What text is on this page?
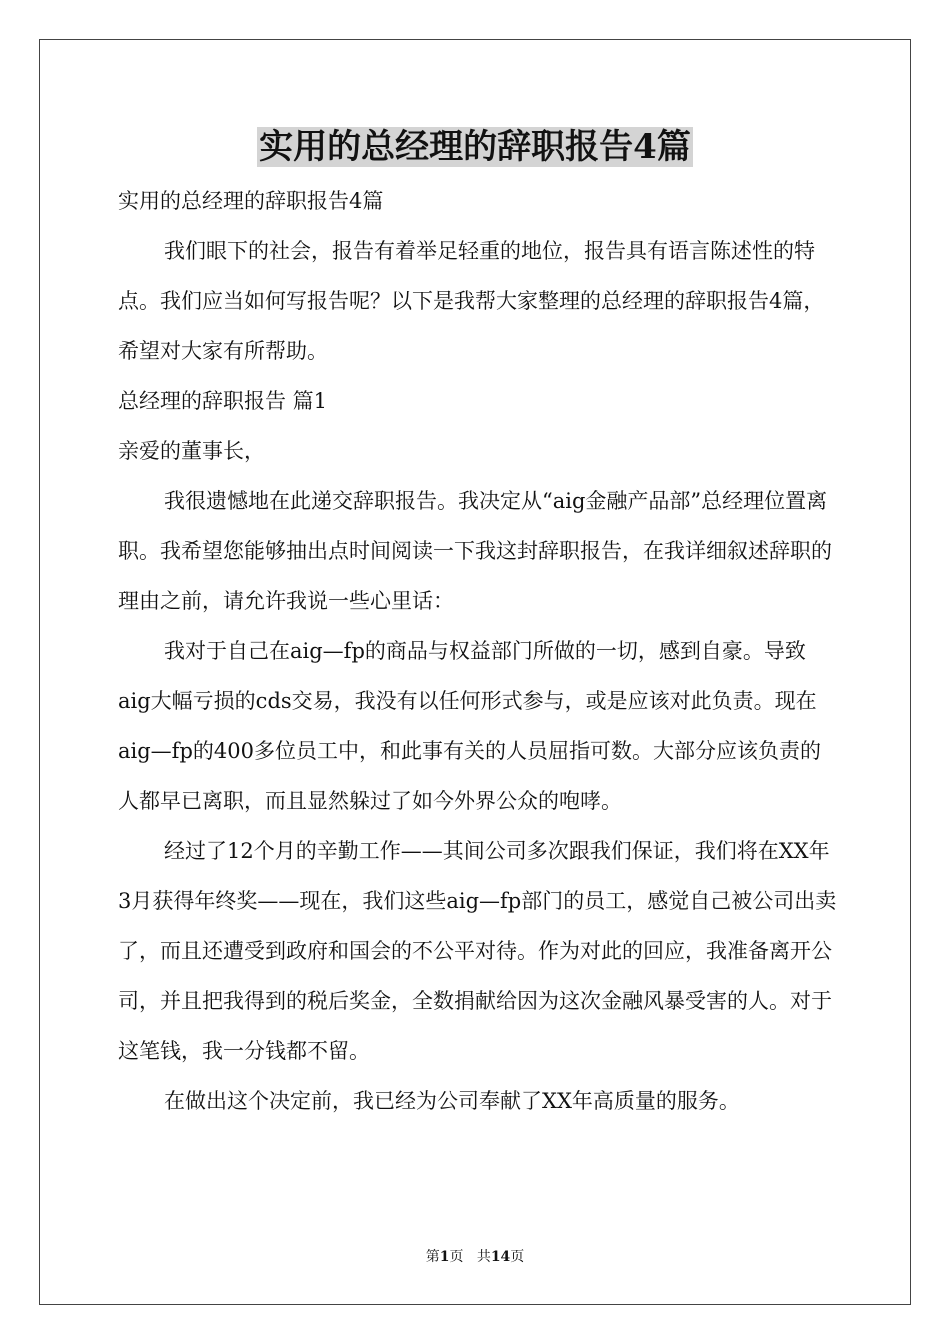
实用的总经理的辞职报告4篇

实用的总经理的辞职报告4篇

我们眼下的社会，报告有着举足轻重的地位，报告具有语言陈述性的特点。我们应当如何写报告呢？以下是我帮大家整理的总经理的辞职报告4篇，希望对大家有所帮助。

总经理的辞职报告 篇1

亲爱的董事长，

我很遗憾地在此递交辞职报告。我决定从“aig金融产品部”总经理位置离职。我希望您能够抽出点时间阅读一下我这封辞职报告，在我详细叙述辞职的理由之前，请允许我说一些心里话：

我对于自己在aig—fp的商品与权益部门所做的一切，感到自豪。导致aig大幅亏损的cds交易，我没有以任何形式参与，或是应该对此负责。现在aig—fp的400多位员工中，和此事有关的人员屈指可数。大部分应该负责的人都早已离职，而且显然躲过了如今外界公众的咆哮。

经过了12个月的辛勤工作——其间公司多次跟我们保证，我们将在XX年3月获得年终奖——现在，我们这些aig—fp部门的员工，感觉自己被公司出卖了，而且还遭受到政府和国会的不公平对待。作为对此的回应，我准备离开公司，并且把我得到的税后奖金，全数捐献给因为这次金融风暴受害的人。对于这笔钱，我一分钱都不留。

在做出这个决定前，我已经为公司奉献了XX年高质量的服务。

第1页 共14页
